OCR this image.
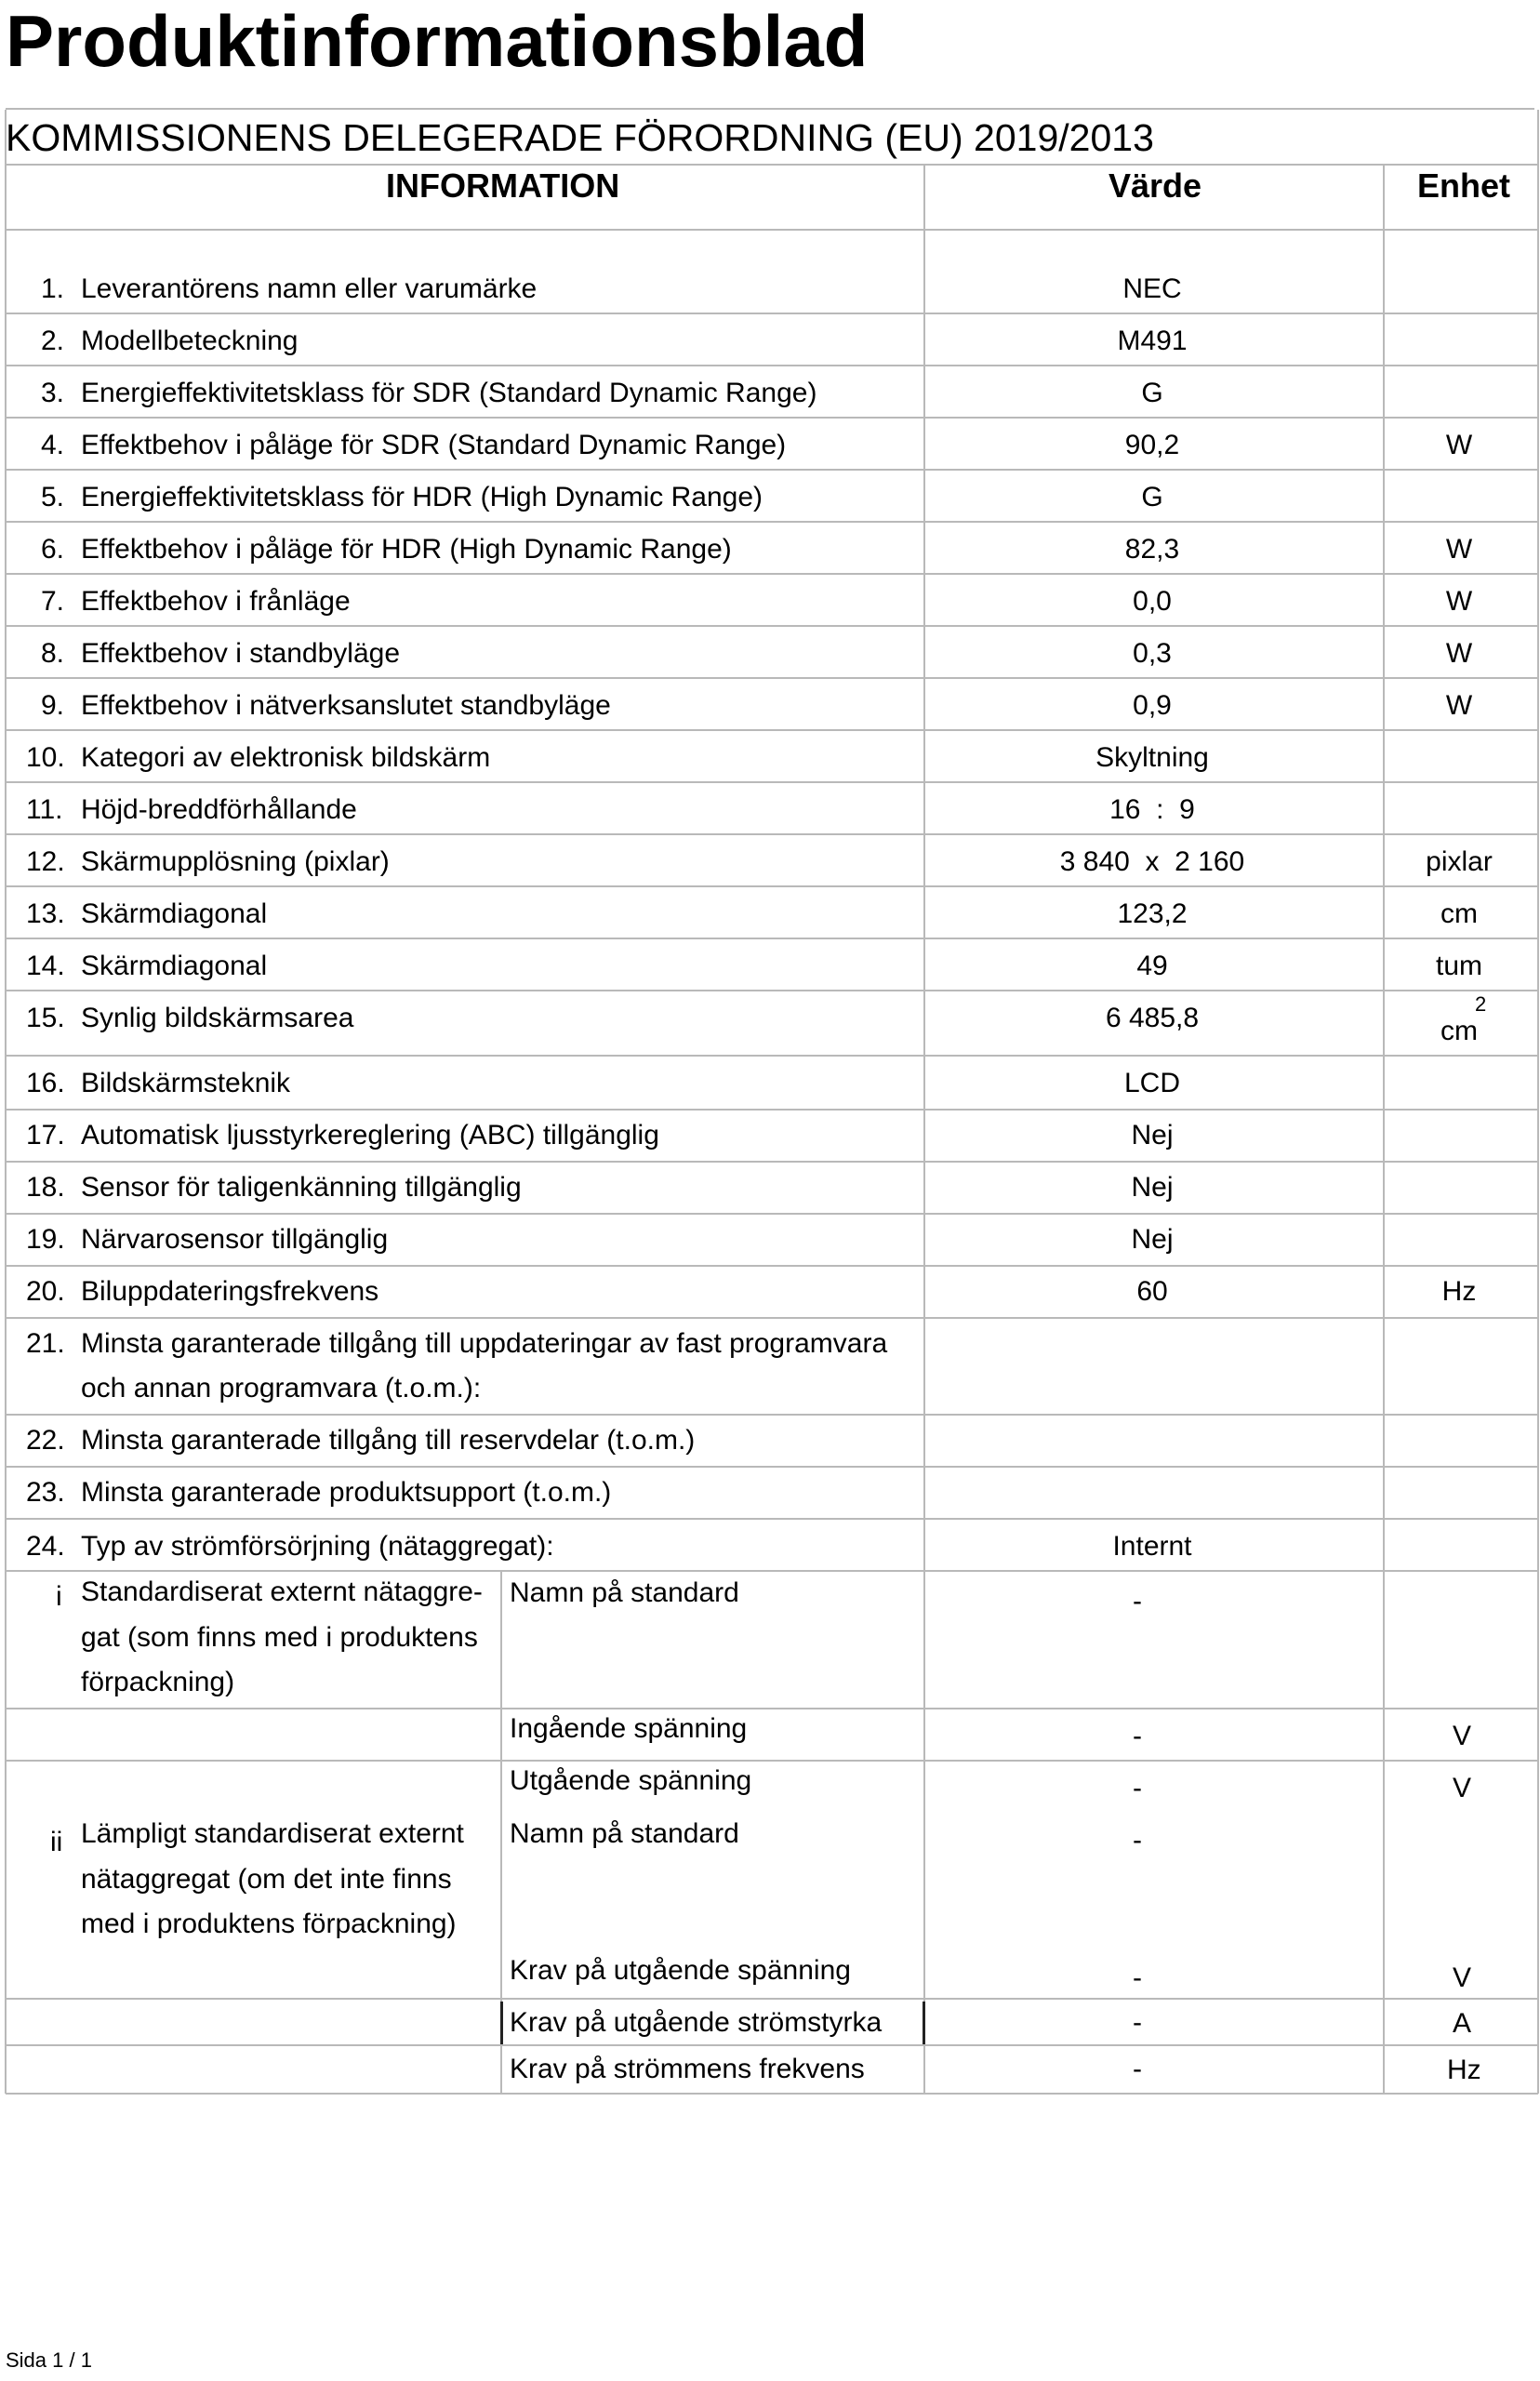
Produktinformationsblad
KOMMISSIONENS DELEGERADE FÖRORDNING (EU) 2019/2013
INFORMATION	Värde	Enhet
1. Leverantörens namn eller varumärke	NEC
2. Modellbeteckning	M491
3. Energieffektivitetsklass för SDR (Standard Dynamic Range)	G
4. Effektbehov i påläge för SDR (Standard Dynamic Range)	90,2	W
5. Energieffektivitetsklass för HDR (High Dynamic Range)	G
6. Effektbehov i påläge för HDR (High Dynamic Range)	82,3	W
7. Effektbehov i frånläge	0,0	W
8. Effektbehov i standbyläge	0,3	W
9. Effektbehov i nätverksanslutet standbyläge	0,9	W
10. Kategori av elektronisk bildskärm	Skyltning
11. Höjd-breddförhållande	16  :  9
12. Skärmupplösning (pixlar)	3 840  x  2 160	pixlar
13. Skärmdiagonal	123,2	cm
14. Skärmdiagonal	49	tum
15. Synlig bildskärmsarea	6 485,8	cm
2
16. Bildskärmsteknik	LCD
17. Automatisk ljusstyrkereglering (ABC) tillgänglig	Nej
18. Sensor för taligenkänning tillgänglig	Nej
19. Närvarosensor tillgänglig	Nej
20. Biluppdateringsfrekvens	60	Hz
21. Minsta garanterade tillgång till uppdateringar av fast programvara
och annan programvara (t.o.m.):
22. Minsta garanterade tillgång till reservdelar (t.o.m.)
23. Minsta garanterade produktsupport (t.o.m.)
24. Typ av strömförsörjning (nätaggregat):	Internt
i Standardiserat externt nätaggre-
gat (som finns med i produktens
förpackning)
Namn på standard	-
Ingående spänning	-	V
Utgående spänning	-	V
ii Lämpligt standardiserat externt
nätaggregat (om det inte finns
med i produktens förpackning)
Namn på standard	-
Krav på utgående spänning	-	V
Krav på utgående strömstyrka	-	A
Krav på strömmens frekvens	-	Hz
Sida 1 / 1
